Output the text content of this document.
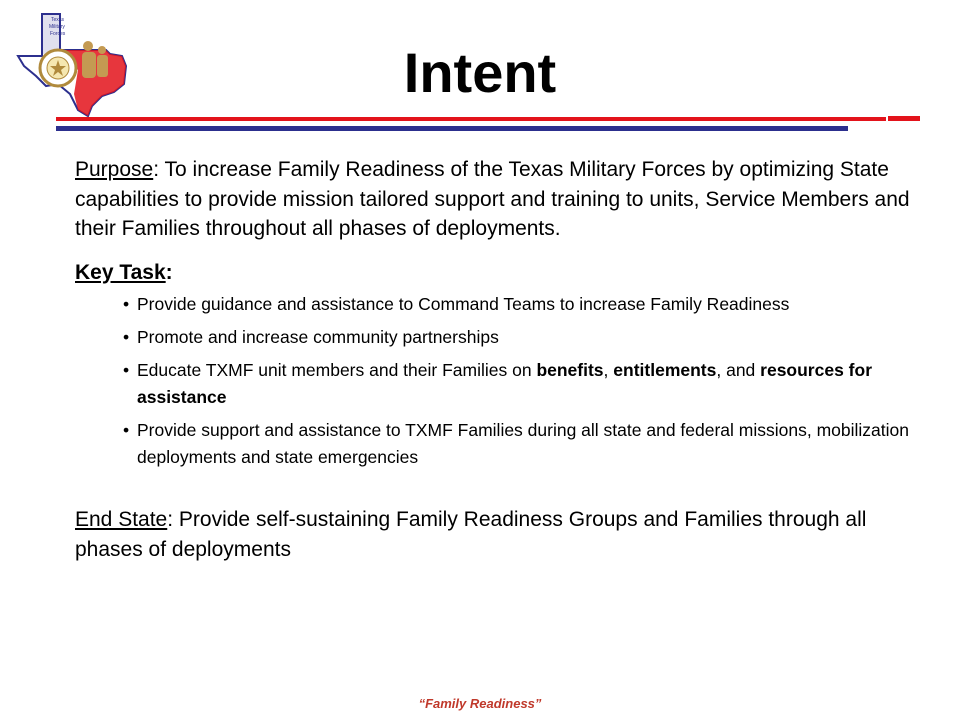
Texas
Military
Forces
Intent

Purpose: To increase Family Readiness of the Texas Military Forces by optimizing State capabilities to provide mission tailored support and training to units, Service Members and their Families throughout all phases of deployments.

Key Task:

• Provide guidance and assistance to Command Teams to increase Family Readiness
• Promote and increase community partnerships
• Educate TXMF unit members and their Families on benefits, entitlements, and resources for assistance
• Provide support and assistance to TXMF Families during all state and federal missions, mobilization deployments and state emergencies

End State: Provide self-sustaining Family Readiness Groups and Families through all phases of deployments

“Family Readiness”
